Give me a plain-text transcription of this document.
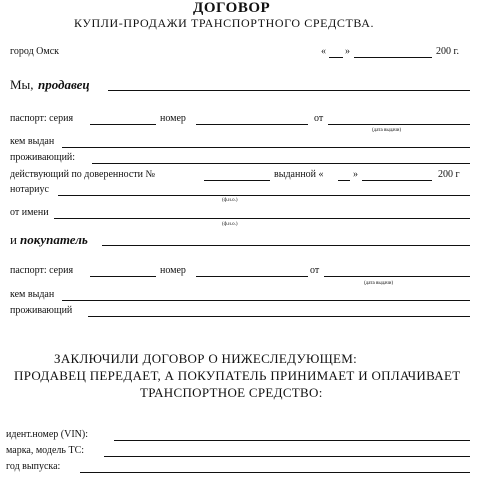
ДОГОВОР
КУПЛИ-ПРОДАЖИ ТРАНСПОРТНОГО СРЕДСТВА.
город Омск	« »	200 г.
Мы, продавец
паспорт: серия	номер	от
(дата выдачи)
кем выдан
проживающий:
действующий по доверенности №	выданной «	»	200 г
нотариус
(ф.и.о.)
от имени
(ф.и.о.)
и покупатель
паспорт: серия	номер	от
(дата выдачи)
кем выдан
проживающий
ЗАКЛЮЧИЛИ ДОГОВОР О НИЖЕСЛЕДУЮЩЕМ:
ПРОДАВЕЦ ПЕРЕДАЕТ, А ПОКУПАТЕЛЬ ПРИНИМАЕТ И ОПЛАЧИВАЕТ
ТРАНСПОРТНОЕ СРЕДСТВО:
идент.номер (VIN):
марка, модель ТС:
год выпуска:
